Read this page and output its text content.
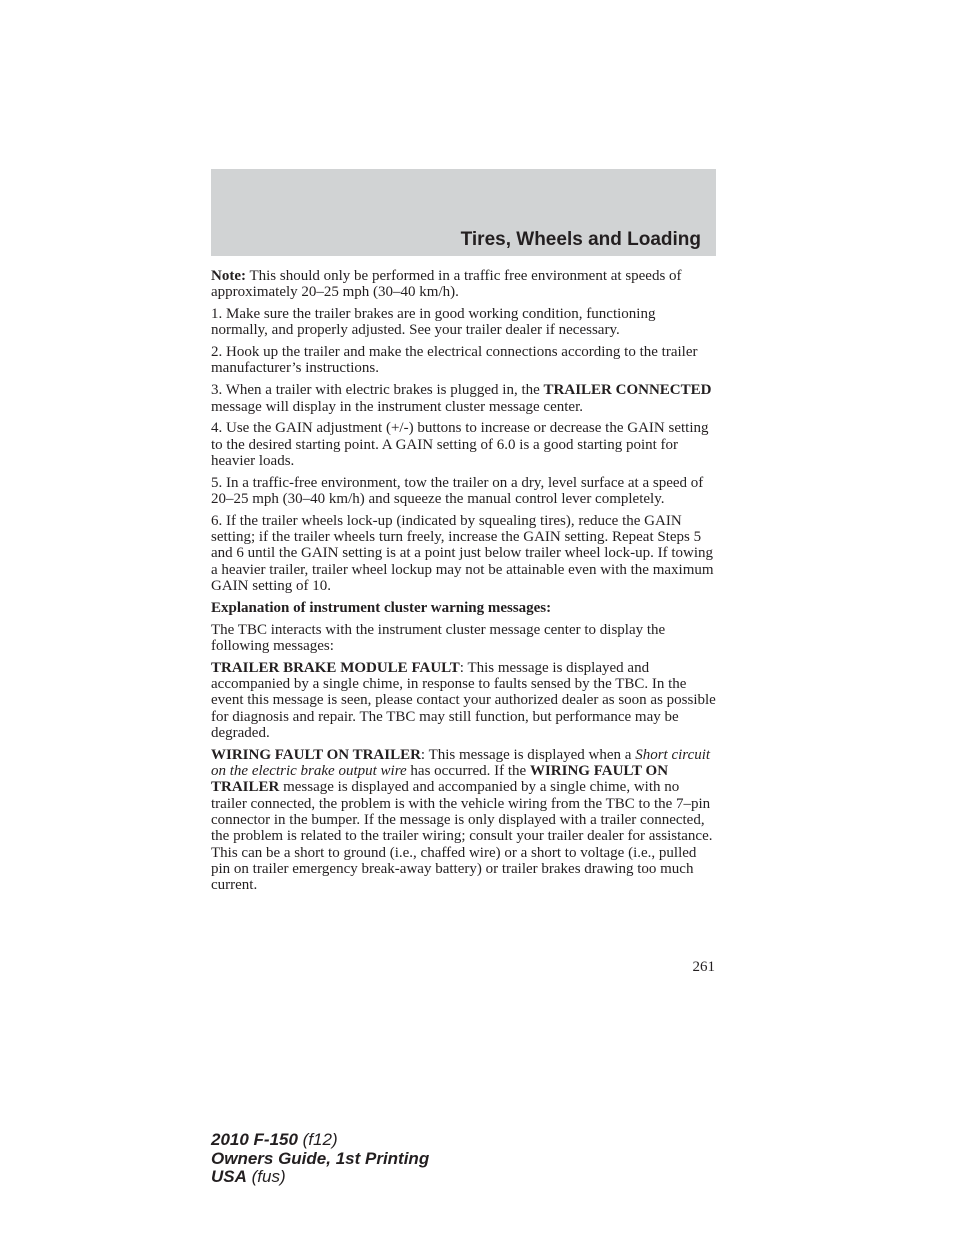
Tires, Wheels and Loading

Note: This should only be performed in a traffic free environment at speeds of approximately 20–25 mph (30–40 km/h).

1. Make sure the trailer brakes are in good working condition, functioning normally, and properly adjusted. See your trailer dealer if necessary.

2. Hook up the trailer and make the electrical connections according to the trailer manufacturer’s instructions.

3. When a trailer with electric brakes is plugged in, the TRAILER CONNECTED message will display in the instrument cluster message center.

4. Use the GAIN adjustment (+/-) buttons to increase or decrease the GAIN setting to the desired starting point. A GAIN setting of 6.0 is a good starting point for heavier loads.

5. In a traffic-free environment, tow the trailer on a dry, level surface at a speed of 20–25 mph (30–40 km/h) and squeeze the manual control lever completely.

6. If the trailer wheels lock-up (indicated by squealing tires), reduce the GAIN setting; if the trailer wheels turn freely, increase the GAIN setting. Repeat Steps 5 and 6 until the GAIN setting is at a point just below trailer wheel lock-up. If towing a heavier trailer, trailer wheel lockup may not be attainable even with the maximum GAIN setting of 10.

Explanation of instrument cluster warning messages:

The TBC interacts with the instrument cluster message center to display the following messages:

TRAILER BRAKE MODULE FAULT: This message is displayed and accompanied by a single chime, in response to faults sensed by the TBC. In the event this message is seen, please contact your authorized dealer as soon as possible for diagnosis and repair. The TBC may still function, but performance may be degraded.

WIRING FAULT ON TRAILER: This message is displayed when a Short circuit on the electric brake output wire has occurred. If the WIRING FAULT ON TRAILER message is displayed and accompanied by a single chime, with no trailer connected, the problem is with the vehicle wiring from the TBC to the 7–pin connector in the bumper. If the message is only displayed with a trailer connected, the problem is related to the trailer wiring; consult your trailer dealer for assistance. This can be a short to ground (i.e., chaffed wire) or a short to voltage (i.e., pulled pin on trailer emergency break-away battery) or trailer brakes drawing too much current.

261
2010 F-150 (f12)
Owners Guide, 1st Printing
USA (fus)
